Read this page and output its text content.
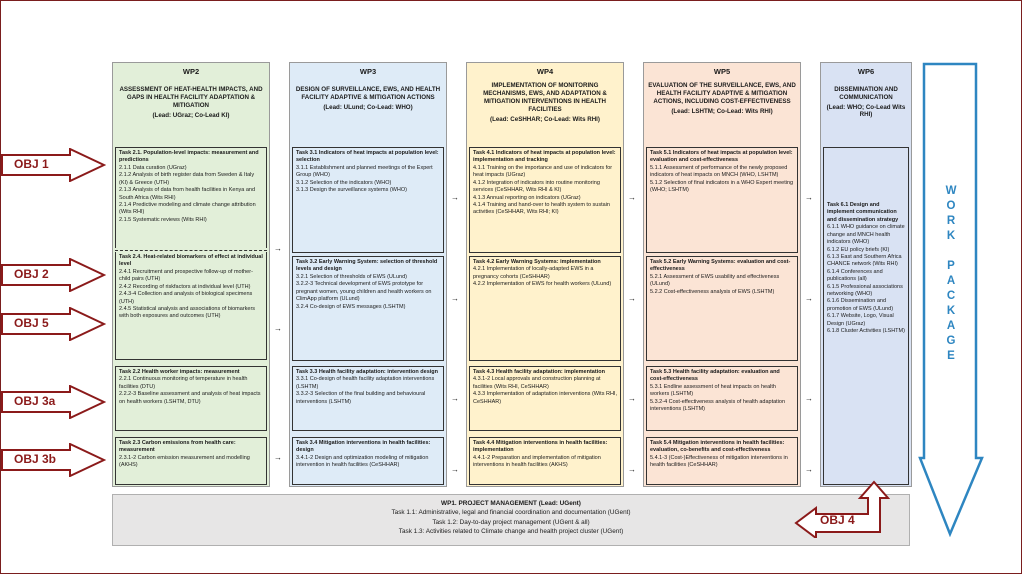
WP2
ASSESSMENT OF HEAT-HEALTH IMPACTS, AND GAPS IN HEALTH FACILITY ADAPTATION & MITIGATION
(Lead: UGraz; Co-Lead KI)
Task 2.1. Population-level impacts: measurement and predictions
2.1.1 Data curation (UGraz)
2.1.2 Analysis of birth register data from Sweden & Italy (KI) & Greece (UTH)
2.1.3 Analysis of data from health facilities in Kenya and South Africa (Wits RHI)
2.1.4 Predictive modeling and climate change attribution (Wits RHI)
2.1.5 Systematic reviews (Wits RHI)
Task 2.4. Heat-related biomarkers of effect at individual level
2.4.1 Recruitment and prospective follow-up of mother-child pairs (UTH)
2.4.2 Recording of riskfactors at individual level (UTH)
2.4.3-4 Collection and analysis of biological specimens (UTH)
2.4.5 Statistical analysis and associations of biomarkers with both exposures and outcomes (UTH)
Task 2.2 Health worker impacts: measurement
2.2.1 Continuous monitoring of temperature in health facilities (DTU)
2.2.2-3 Baseline assessment and analysis of heat impacts on health workers (LSHTM, DTU)
Task 2.3 Carbon emissions from health care: measurement
2.3.1-2 Carbon emission measurement and modelling (AKHS)
WP3
DESIGN OF SURVEILLANCE, EWS, AND HEALTH FACILITY ADAPTIVE & MITIGATION ACTIONS
(Lead: ULund; Co-Lead: WHO)
Task 3.1 Indicators of heat impacts at population level: selection
3.1.1 Establishment and planned meetings of the Expert Group (WHO)
3.1.2 Selection of the indicators (WHO)
3.1.3 Design the surveillance systems (WHO)
Task 3.2 Early Warning System: selection of threshold levels and design
3.2.1 Selection of thresholds of EWS (ULund)
3.2.2-3 Technical development of EWS prototype for pregnant women, young children and health workers on ClimApp platform (ULund)
3.2.4 Co-design of EWS messages (LSHTM)
Task 3.3 Health facility adaptation: intervention design
3.3.1 Co-design of health facility adaptation interventions (LSHTM)
3.3.2-3 Selection of the final building and behavioural interventions (LSHTM)
Task 3.4 Mitigation interventions in health facilities: design
3.4.1-2 Design and optimization modeling of mitigation intervention in health facilities (CeSHHAR)
WP4
IMPLEMENTATION OF MONITORING MECHANISMS, EWS, AND ADAPTATION & MITIGATION INTERVENTIONS IN HEALTH FACILITIES
(Lead: CeSHHAR; Co-Lead: Wits RHI)
Task 4.1 Indicators of heat impacts at population level: implementation and tracking
4.1.1 Training on the importance and use of indicators for heat impacts (UGraz)
4.1.2 Integration of indicators into routine monitoring services (CeSHHAR, Wits RHI & KI)
4.1.3 Annual reporting on indicators (UGraz)
4.1.4 Training and hand-over to health system to sustain activities (CeSHHAR, Wits RHI; KI)
Task 4.2 Early Warning Systems: implementation
4.2.1 Implementation of locally-adapted EWS in a pregnancy cohorts (CeSHHAR)
4.2.2 Implementation of EWS for health workers (ULund)
Task 4.3 Health facility adaptation: implementation
4.3.1-2 Local approvals and construction planning at facilities (Wits RHI, CeSHHAR)
4.3.3 Implementation of adaptation interventions (Wits RHI, CeSHHAR)
Task 4.4 Mitigation interventions in health facilities: implementation
4.4.1-2 Preparation and implementation of mitigation interventions in health facilities (AKHS)
WP5
EVALUATION OF THE SURVEILLANCE, EWS, AND HEALTH FACILITY ADAPTIVE & MITIGATION ACTIONS, INCLUDING COST-EFFECTIVENESS
(Lead: LSHTM; Co-Lead: Wits RHI)
Task 5.1 Indicators of heat impacts at population level: evaluation and cost-effectiveness
5.1.1 Assessment of performance of the newly proposed indicators of heat impacts on MNCH (WHO, LSHTM)
5.1.2 Selection of final indicators in a WHO Expert meeting (WHO; LSHTM)
Task 5.2 Early Warning Systems: evaluation and cost-effectiveness
5.2.1 Assessment of EWS usability and effectiveness (ULund)
5.2.2 Cost-effectiveness analysis of EWS (LSHTM)
Task 5.3 Health facility adaptation: evaluation and cost-effectiveness
5.3.1 Endline assessment of heat impacts on health workers (LSHTM)
5.3.2-4 Cost-effectiveness analysis of health adaptation interventions (LSHTM)
Task 5.4 Mitigation interventions in health facilities: evaluation, co-benefits and cost-effectiveness
5.4.1-3 (Cost-)Effectiveness of mitigation interventions in health facilities (CeSHHAR)
WP6
DISSEMINATION AND COMMUNICATION
(Lead: WHO; Co-Lead Wits RHI)
Task 6.1 Design and implement communication and dissemination strategy
6.1.1 WHO guidance on climate change and MNCH health indicators (WHO)
6.1.2 EU policy briefs (KI)
6.1.3 East and Southern Africa CHANCE network (Wits RHI)
6.1.4 Conferences and publications (all)
6.1.5 Professional associations networking (WHO)
6.1.6 Dissemination and promotion of EWS (ULund)
6.1.7 Website, Logo, Visual Design (UGraz)
6.1.8 Cluster Activities (LSHTM)
→
→
→
→
→
→
→
→
→
→
→
→
→
→
→
OBJ 1
OBJ 2
OBJ 5
OBJ 3a
OBJ 3b
W
O
R
K
P
A
C
K
A
G
E
WP1. PROJECT MANAGEMENT (Lead: UGent)
Task 1.1: Administrative, legal and financial coordination and documentation (UGent)
Task 1.2: Day-to-day project management (UGent & all)
Task 1.3: Activities related to Climate change and health project cluster (UGent)
OBJ 4
